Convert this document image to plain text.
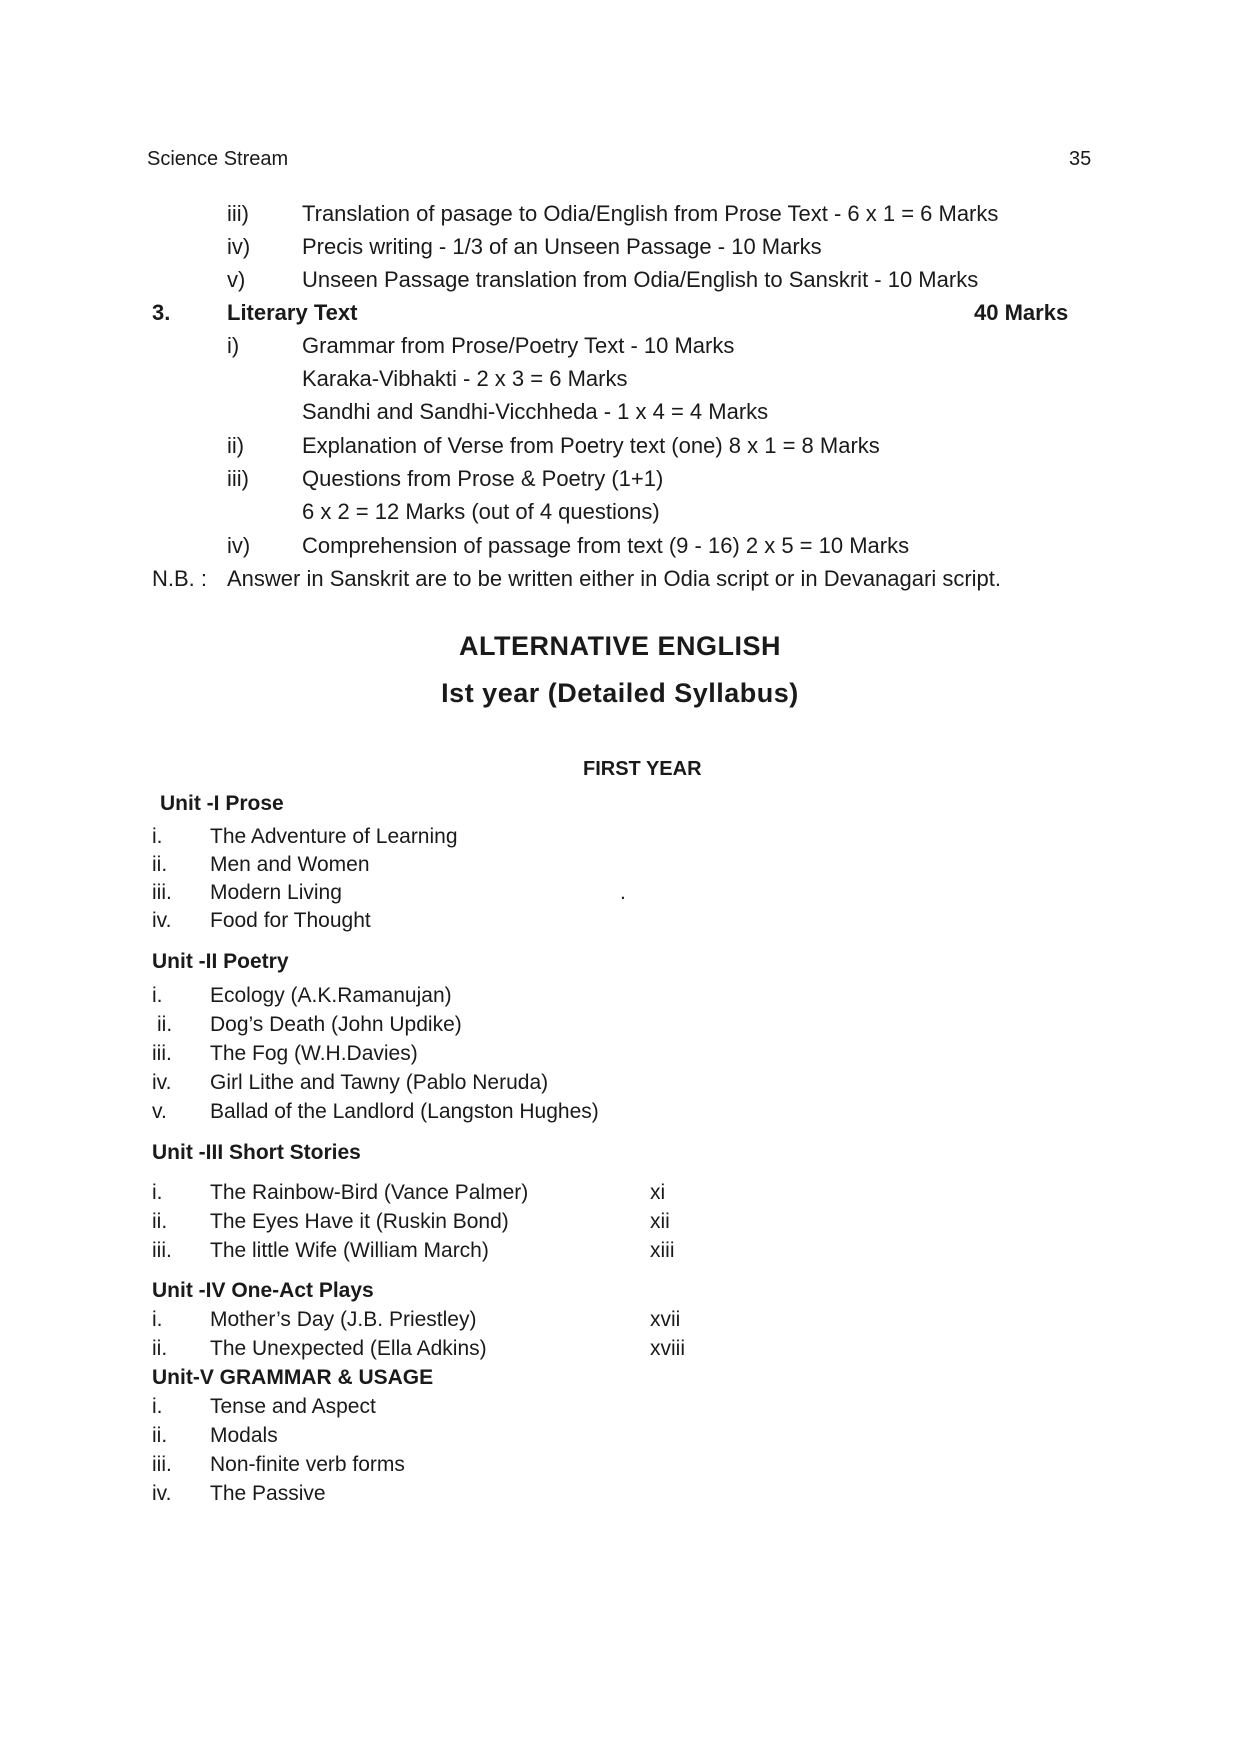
Science Stream	35
iii) Translation of pasage to Odia/English from Prose Text - 6 x 1 = 6 Marks
iv) Precis writing - 1/3 of an Unseen Passage - 10 Marks
v)	Unseen Passage translation from Odia/English to Sanskrit - 10 Marks
3.	Literary Text	40 Marks
i)	Grammar from Prose/Poetry Text - 10 Marks
Karaka-Vibhakti - 2 x 3 = 6 Marks
Sandhi and Sandhi-Vicchheda - 1 x 4 = 4 Marks
ii)	Explanation of Verse from Poetry text (one) 8 x 1 = 8 Marks
iii) Questions from Prose & Poetry (1+1)
6 x 2 = 12 Marks (out of 4 questions)
iv) Comprehension of passage from text (9 - 16) 2 x 5 = 10 Marks
N.B. : Answer in Sanskrit are to be written either in Odia script or in Devanagari script.
ALTERNATIVE ENGLISH
Ist year (Detailed Syllabus)
FIRST YEAR
Unit -I Prose
i. The Adventure of Learning
ii. Men and Women
iii. Modern Living	.
iv. Food for Thought
Unit -II Poetry
i. Ecology (A.K.Ramanujan)
ii. Dog’s Death (John Updike)
iii. The Fog (W.H.Davies)
iv. Girl Lithe and Tawny (Pablo Neruda)
v. Ballad of the Landlord (Langston Hughes)
Unit -III Short Stories
i. The Rainbow-Bird (Vance Palmer)	xi
ii. The Eyes Have it (Ruskin Bond)	xii
iii. The little Wife (William March)	xiii
Unit -IV One-Act Plays
i. Mother’s Day (J.B. Priestley)	xvii
ii. The Unexpected (Ella Adkins)	xviii
Unit-V GRAMMAR & USAGE
i. Tense and Aspect
ii. Modals
iii. Non-finite verb forms
iv. The Passive
